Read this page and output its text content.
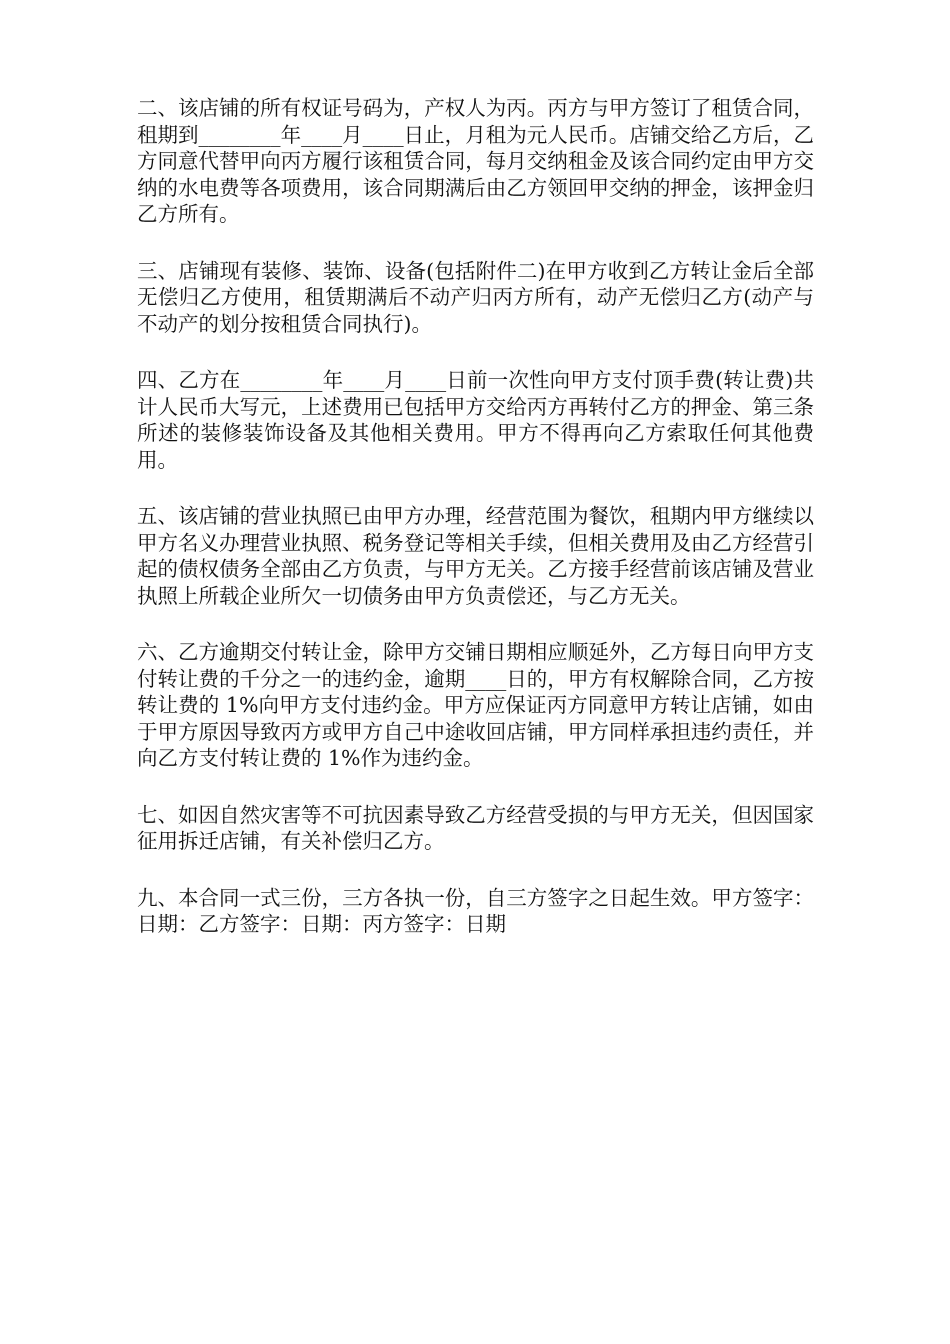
二、该店铺的所有权证号码为，产权人为丙。丙方与甲方签订了租赁合同，租期到________年____月____日止，月租为元人民币。店铺交给乙方后，乙方同意代替甲向丙方履行该租赁合同，每月交纳租金及该合同约定由甲方交纳的水电费等各项费用，该合同期满后由乙方领回甲交纳的押金，该押金归乙方所有。

三、店铺现有装修、装饰、设备(包括附件二)在甲方收到乙方转让金后全部无偿归乙方使用，租赁期满后不动产归丙方所有，动产无偿归乙方(动产与不动产的划分按租赁合同执行)。

四、乙方在________年____月____日前一次性向甲方支付顶手费(转让费)共计人民币大写元，上述费用已包括甲方交给丙方再转付乙方的押金、第三条所述的装修装饰设备及其他相关费用。甲方不得再向乙方索取任何其他费用。

五、该店铺的营业执照已由甲方办理，经营范围为餐饮，租期内甲方继续以甲方名义办理营业执照、税务登记等相关手续，但相关费用及由乙方经营引起的债权债务全部由乙方负责，与甲方无关。乙方接手经营前该店铺及营业执照上所载企业所欠一切债务由甲方负责偿还，与乙方无关。

六、乙方逾期交付转让金，除甲方交铺日期相应顺延外，乙方每日向甲方支付转让费的千分之一的违约金，逾期____日的，甲方有权解除合同，乙方按转让费的 1%向甲方支付违约金。甲方应保证丙方同意甲方转让店铺，如由于甲方原因导致丙方或甲方自己中途收回店铺，甲方同样承担违约责任，并向乙方支付转让费的 1%作为违约金。

七、如因自然灾害等不可抗因素导致乙方经营受损的与甲方无关，但因国家征用拆迁店铺，有关补偿归乙方。

九、本合同一式三份，三方各执一份，自三方签字之日起生效。甲方签字：日期：乙方签字：日期：丙方签字：日期
